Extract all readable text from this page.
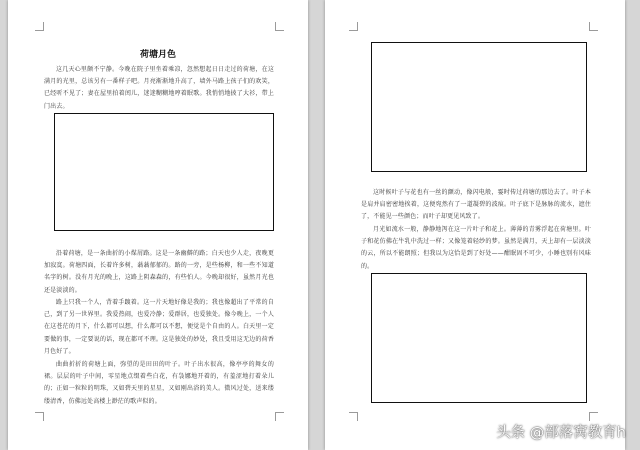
荷塘月色
这几天心里颇不宁静。今晚在院子里坐着乘凉，忽然想起日日走过的荷塘，在这满月的光里，总该另有一番样子吧。月亮渐渐地升高了，墙外马路上孩子们的欢笑，已经听不见了；妻在屋里拍着闰儿，迷迷糊糊地哼着眠歌。我悄悄地披了大衫，带上门出去。
沿着荷塘，是一条曲折的小煤屑路。这是一条幽僻的路；白天也少人走，夜晚更加寂寞。荷塘四面，长着许多树，蓊蓊郁郁的。路的一旁，是些杨柳，和一些不知道名字的树。没有月光的晚上，这路上阴森森的，有些怕人。今晚却很好，虽然月光也还是淡淡的。
路上只我一个人，背着手踱着。这一片天地好像是我的；我也像超出了平常的自己，到了另一世界里。我爱热闹，也爱冷静；爱群居，也爱独处。像今晚上，一个人在这苍茫的月下，什么都可以想，什么都可以不想，便觉是个自由的人。白天里一定要做的事，一定要说的话，现在都可不理。这是独处的妙处，我且受用这无边的荷香月色好了。
曲曲折折的荷塘上面，弥望的是田田的叶子。叶子出水很高，像亭亭的舞女的裙。层层的叶子中间，零星地点缀着些白花，有袅娜地开着的，有羞涩地打着朵儿的；正如一粒粒的明珠，又如碧天里的星星，又如刚出浴的美人。微风过处，送来缕缕清香，仿佛远处高楼上渺茫的歌声似的。
这时候叶子与花也有一丝的颤动，像闪电般，霎时传过荷塘的那边去了。叶子本是肩并肩密密地挨着，这便宛然有了一道凝碧的波痕。叶子底下是脉脉的流水，遮住了，不能见一些颜色；而叶子却更见风致了。
月光如流水一般，静静地泻在这一片叶子和花上。薄薄的青雾浮起在荷塘里。叶子和花仿佛在牛乳中洗过一样；又像笼着轻纱的梦。虽然是满月，天上却有一层淡淡的云，所以不能朗照；但我以为这恰是到了好处——酣眠固不可少，小睡也别有风味的。
头条 @部落窝教育h
